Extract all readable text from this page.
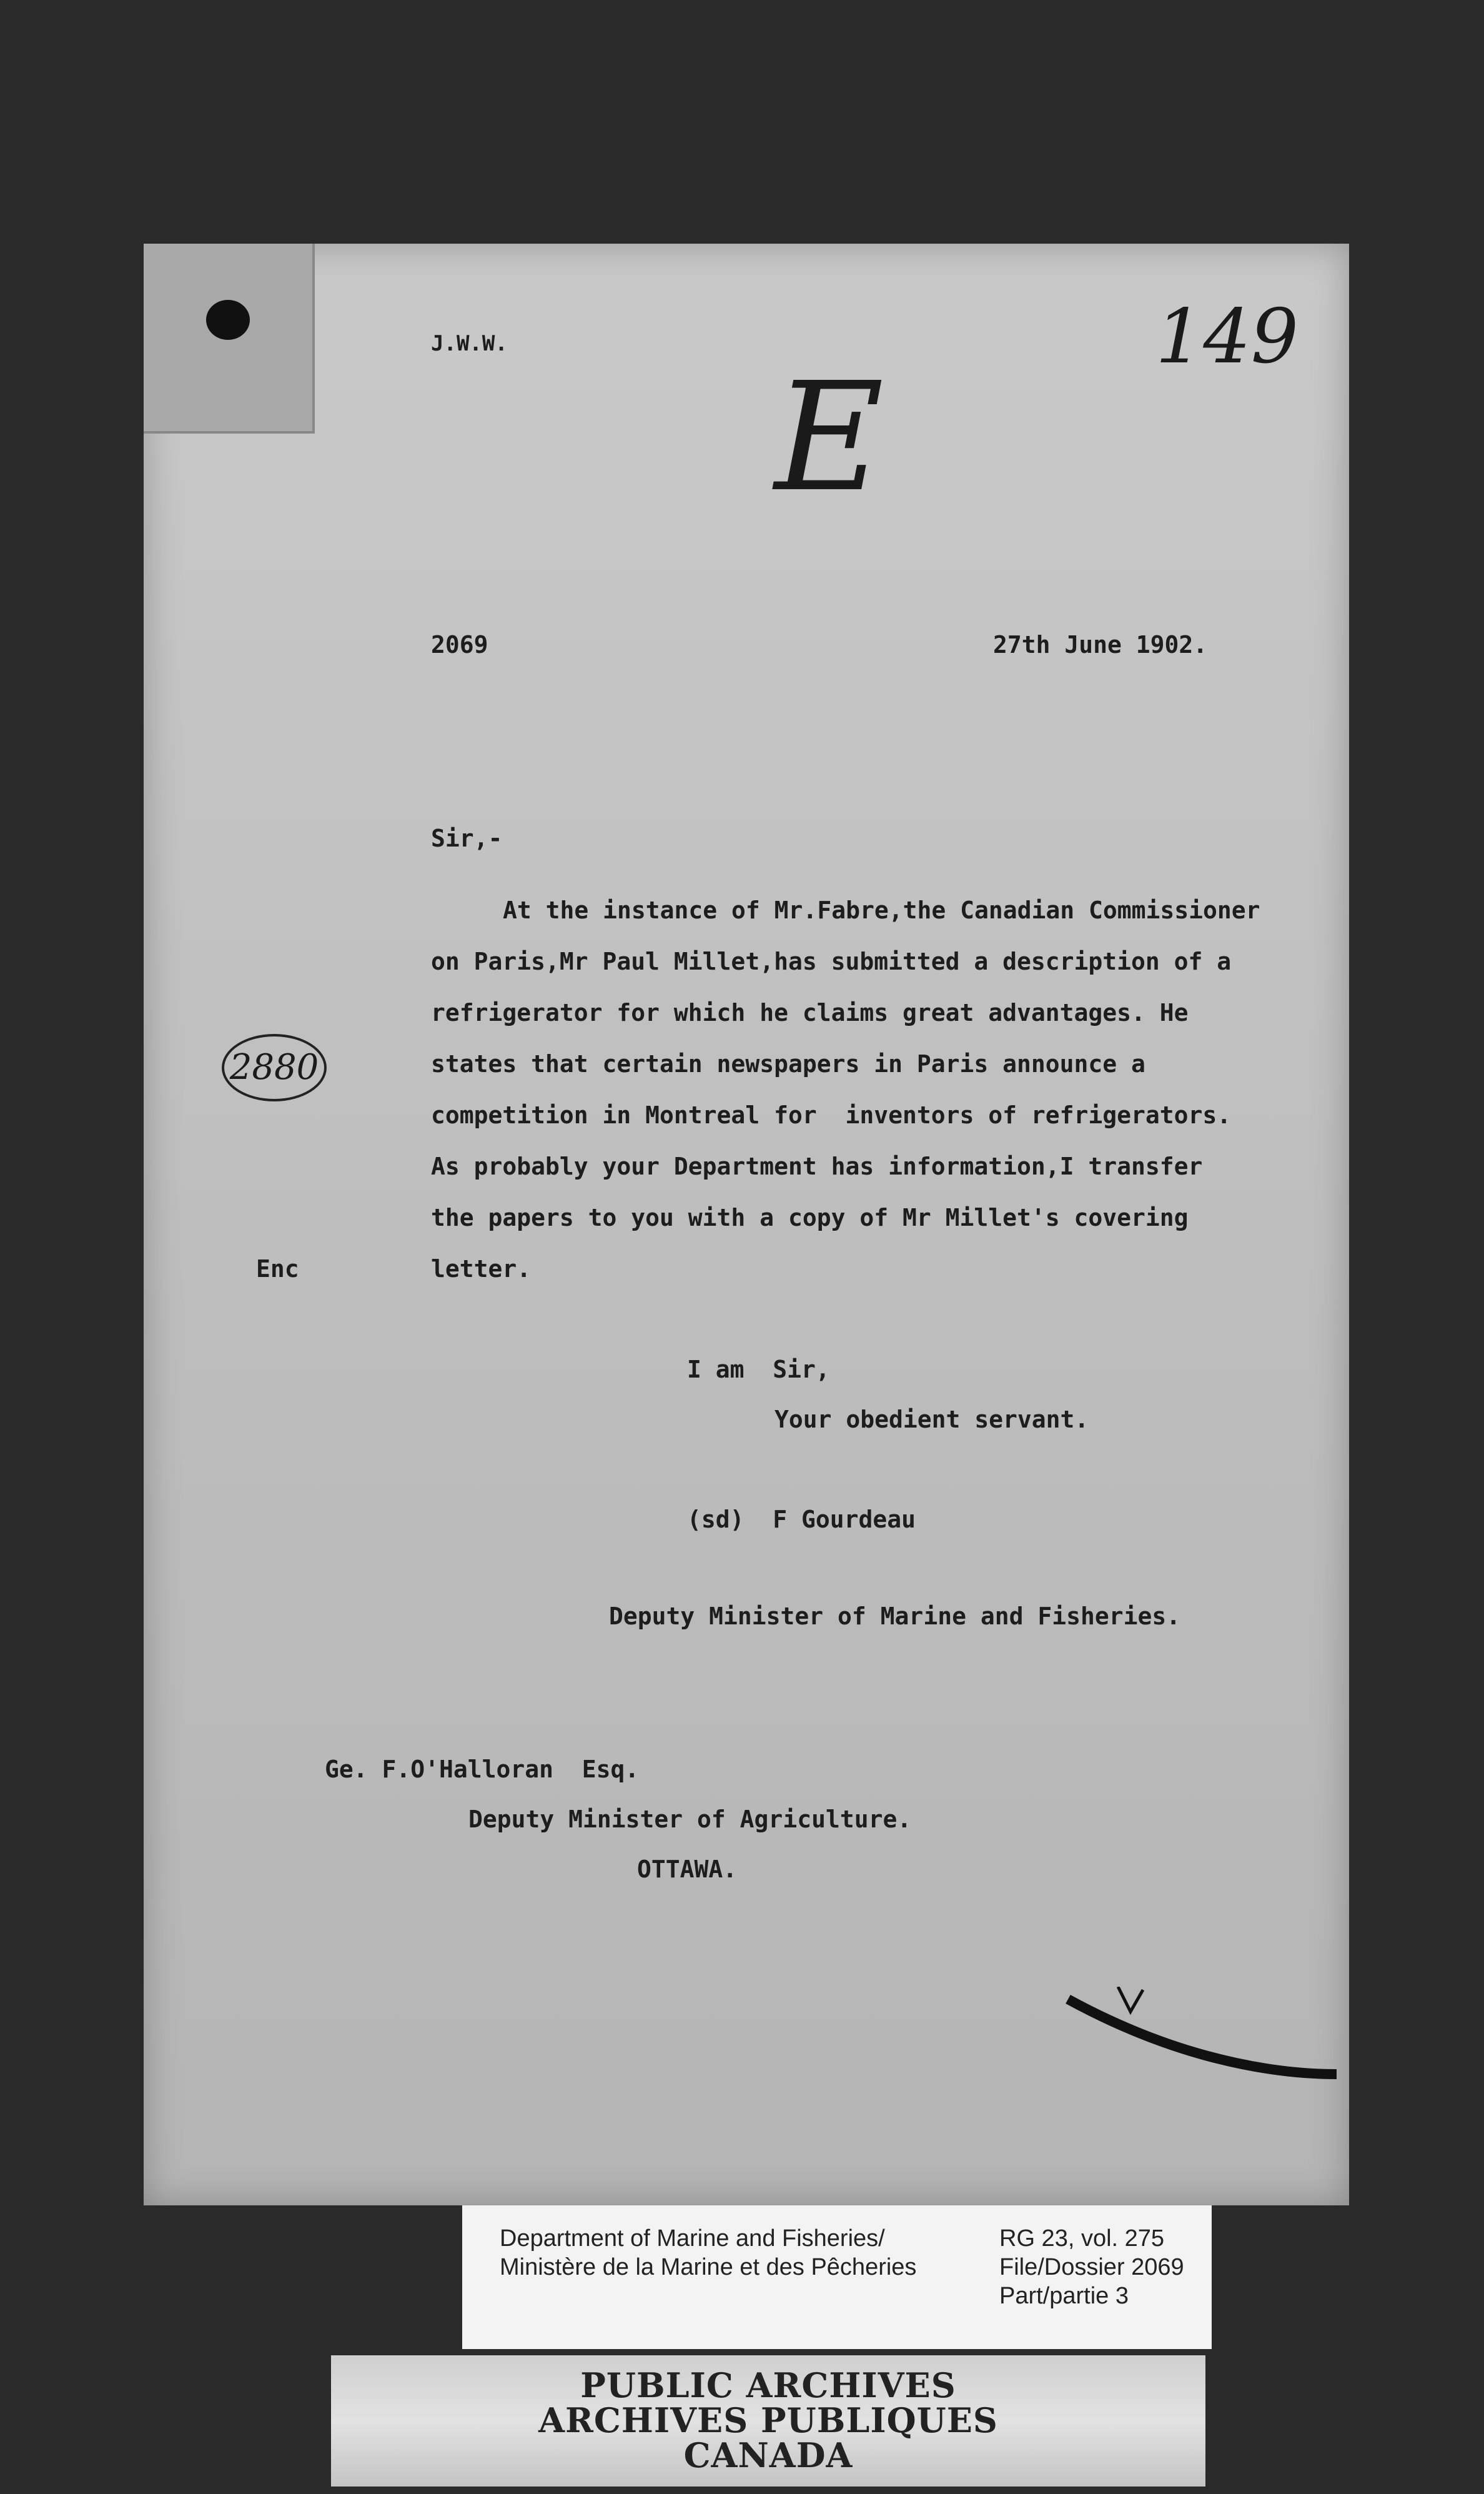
J.W.W.	149
E
2069	27th June 1902.
Sir,-
At the instance of Mr.Fabre,the Canadian Commissioner
on Paris,Mr Paul Millet,has submitted a description of a
refrigerator for which he claims great advantages. He
states that certain newspapers in Paris announce a
competition in Montreal for  inventors of refrigerators.
As probably your Department has information,I transfer
the papers to you with a copy of Mr Millet's covering
letter.
2880
Enc
I am  Sir,
Your obedient servant.
(sd)  F Gourdeau
Deputy Minister of Marine and Fisheries.
Ge. F.O'Halloran  Esq.
Deputy Minister of Agriculture.
OTTAWA.
Department of Marine and Fisheries/
Ministère de la Marine et des Pêcheries
RG 23, vol. 275
File/Dossier 2069
Part/partie 3
PUBLIC ARCHIVES
ARCHIVES PUBLIQUES
CANADA
